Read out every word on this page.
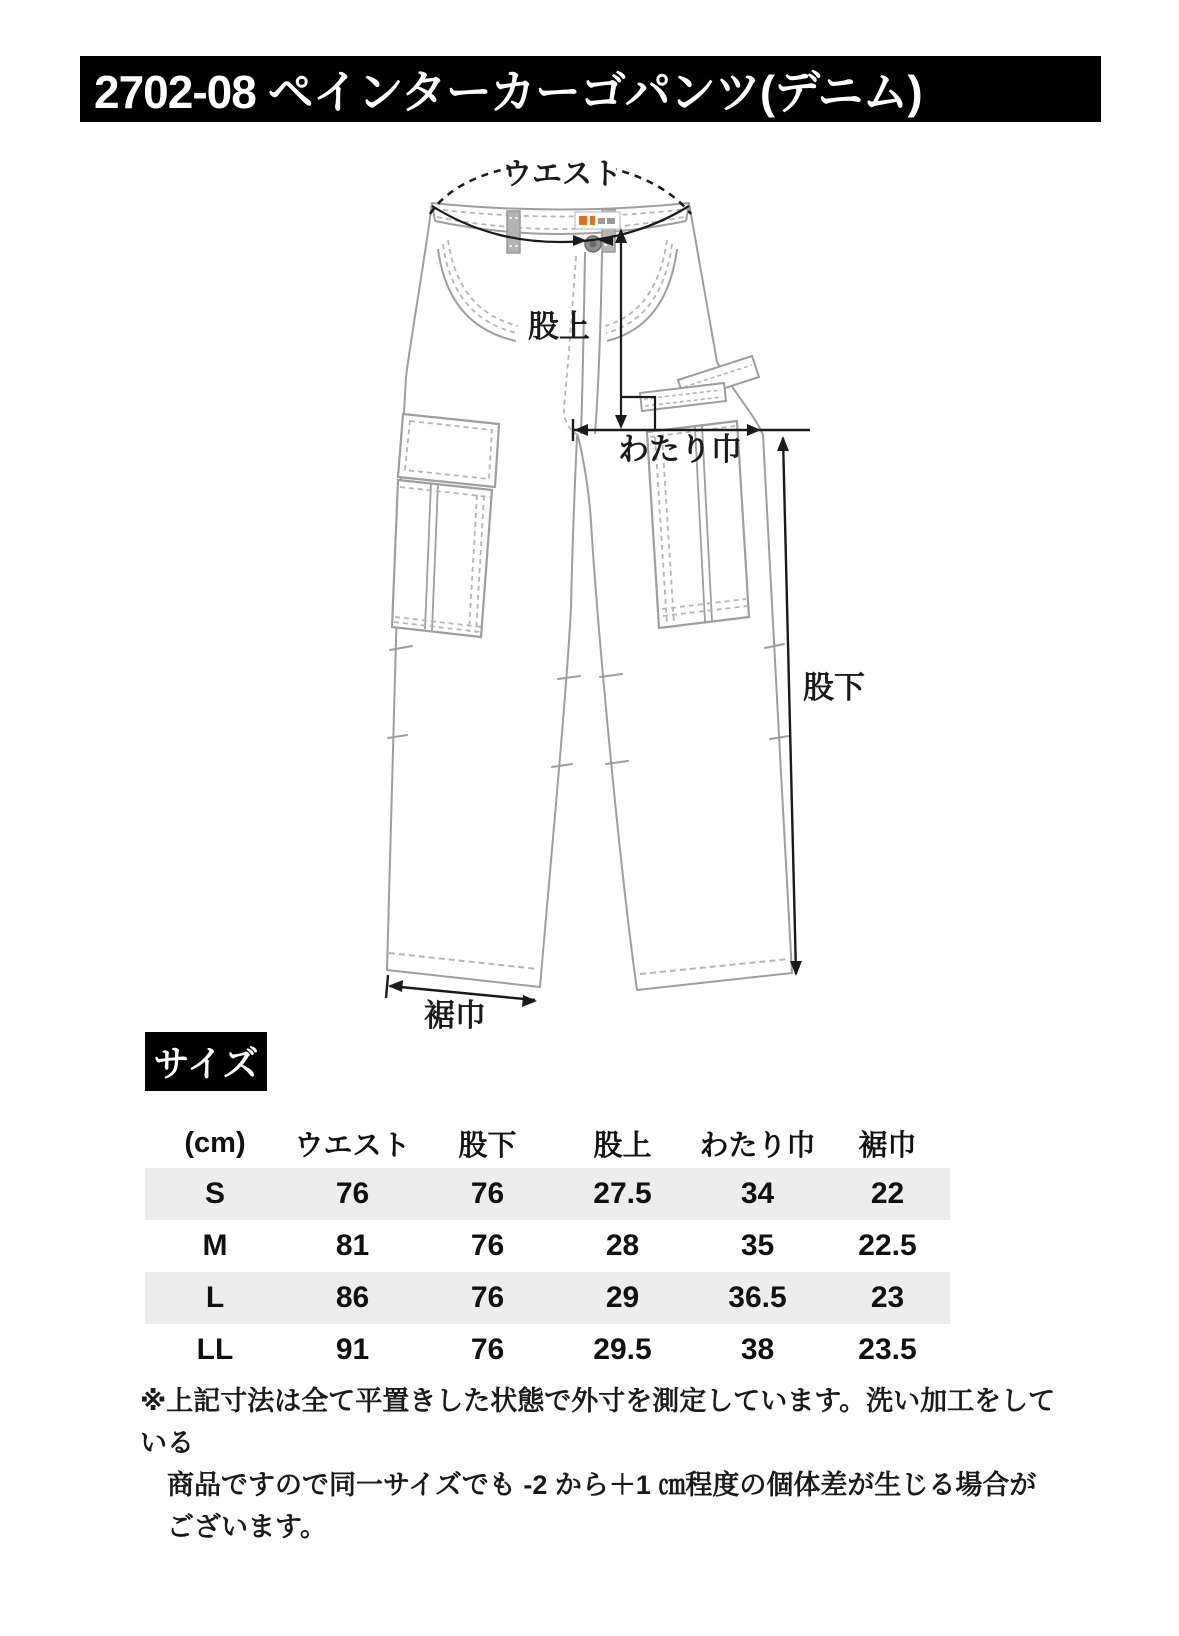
2702-08 ペインターカーゴパンツ(デニム)
ウエスト
股上
わたり巾
股下
裾巾
サイズ
(cm)	ウエスト	股下	股上	わたり巾	裾巾
S	76	76	27.5	34	22
M	81	76	28	35	22.5
L	86	76	29	36.5	23
LL	91	76	29.5	38	23.5
※上記寸法は全て平置きした状態で外寸を測定しています。洗い加工をしている
商品ですので同一サイズでも -2 から＋1 ㎝程度の個体差が生じる場合がございます。
